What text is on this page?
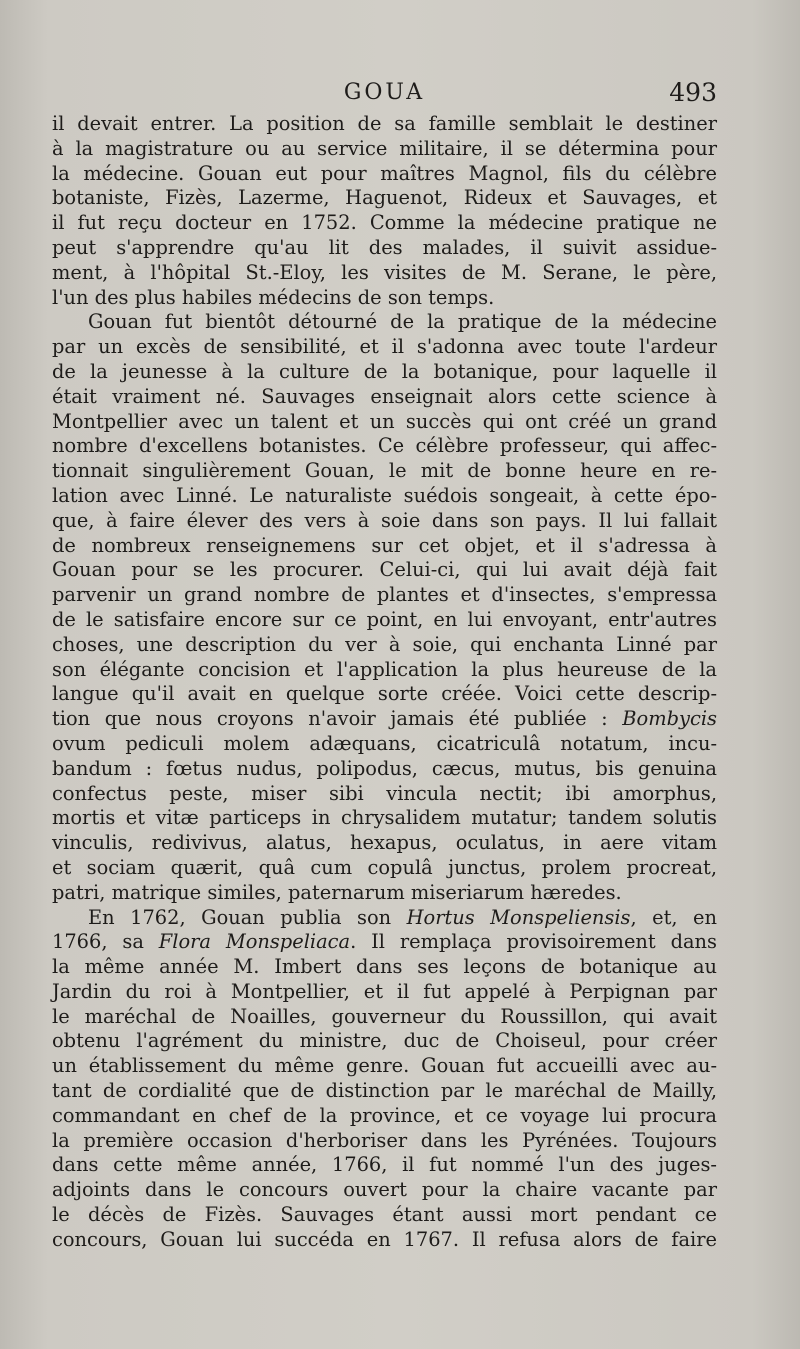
GOUA	493
il devait entrer. La position de sa famille semblait le destiner
à la magistrature ou au service militaire, il se détermina pour
la médecine. Gouan eut pour maîtres Magnol, fils du célèbre
botaniste, Fizès, Lazerme, Haguenot, Rideux et Sauvages, et
il fut reçu docteur en 1752. Comme la médecine pratique ne
peut s'apprendre qu'au lit des malades, il suivit assidue-
ment, à l'hôpital St.-Eloy, les visites de M. Serane, le père,
l'un des plus habiles médecins de son temps.
Gouan fut bientôt détourné de la pratique de la médecine
par un excès de sensibilité, et il s'adonna avec toute l'ardeur
de la jeunesse à la culture de la botanique, pour laquelle il
était vraiment né. Sauvages enseignait alors cette science à
Montpellier avec un talent et un succès qui ont créé un grand
nombre d'excellens botanistes. Ce célèbre professeur, qui affec-
tionnait singulièrement Gouan, le mit de bonne heure en re-
lation avec Linné. Le naturaliste suédois songeait, à cette épo-
que, à faire élever des vers à soie dans son pays. Il lui fallait
de nombreux renseignemens sur cet objet, et il s'adressa à
Gouan pour se les procurer. Celui-ci, qui lui avait déjà fait
parvenir un grand nombre de plantes et d'insectes, s'empressa
de le satisfaire encore sur ce point, en lui envoyant, entr'autres
choses, une description du ver à soie, qui enchanta Linné par
son élégante concision et l'application la plus heureuse de la
langue qu'il avait en quelque sorte créée. Voici cette descrip-
tion que nous croyons n'avoir jamais été publiée : Bombycis
ovum pediculi molem adæquans, cicatriculâ notatum, incu-
bandum : fœtus nudus, polipodus, cæcus, mutus, bis genuina
confectus peste, miser sibi vincula nectit; ibi amorphus,
mortis et vitæ particeps in chrysalidem mutatur; tandem solutis
vinculis, redivivus, alatus, hexapus, oculatus, in aere vitam
et sociam quærit, quâ cum copulâ junctus, prolem procreat,
patri, matrique similes, paternarum miseriarum hæredes.
En 1762, Gouan publia son Hortus Monspeliensis, et, en
1766, sa Flora Monspeliaca. Il remplaça provisoirement dans
la même année M. Imbert dans ses leçons de botanique au
Jardin du roi à Montpellier, et il fut appelé à Perpignan par
le maréchal de Noailles, gouverneur du Roussillon, qui avait
obtenu l'agrément du ministre, duc de Choiseul, pour créer
un établissement du même genre. Gouan fut accueilli avec au-
tant de cordialité que de distinction par le maréchal de Mailly,
commandant en chef de la province, et ce voyage lui procura
la première occasion d'herboriser dans les Pyrénées. Toujours
dans cette même année, 1766, il fut nommé l'un des juges-
adjoints dans le concours ouvert pour la chaire vacante par
le décès de Fizès. Sauvages étant aussi mort pendant ce
concours, Gouan lui succéda en 1767. Il refusa alors de faire
